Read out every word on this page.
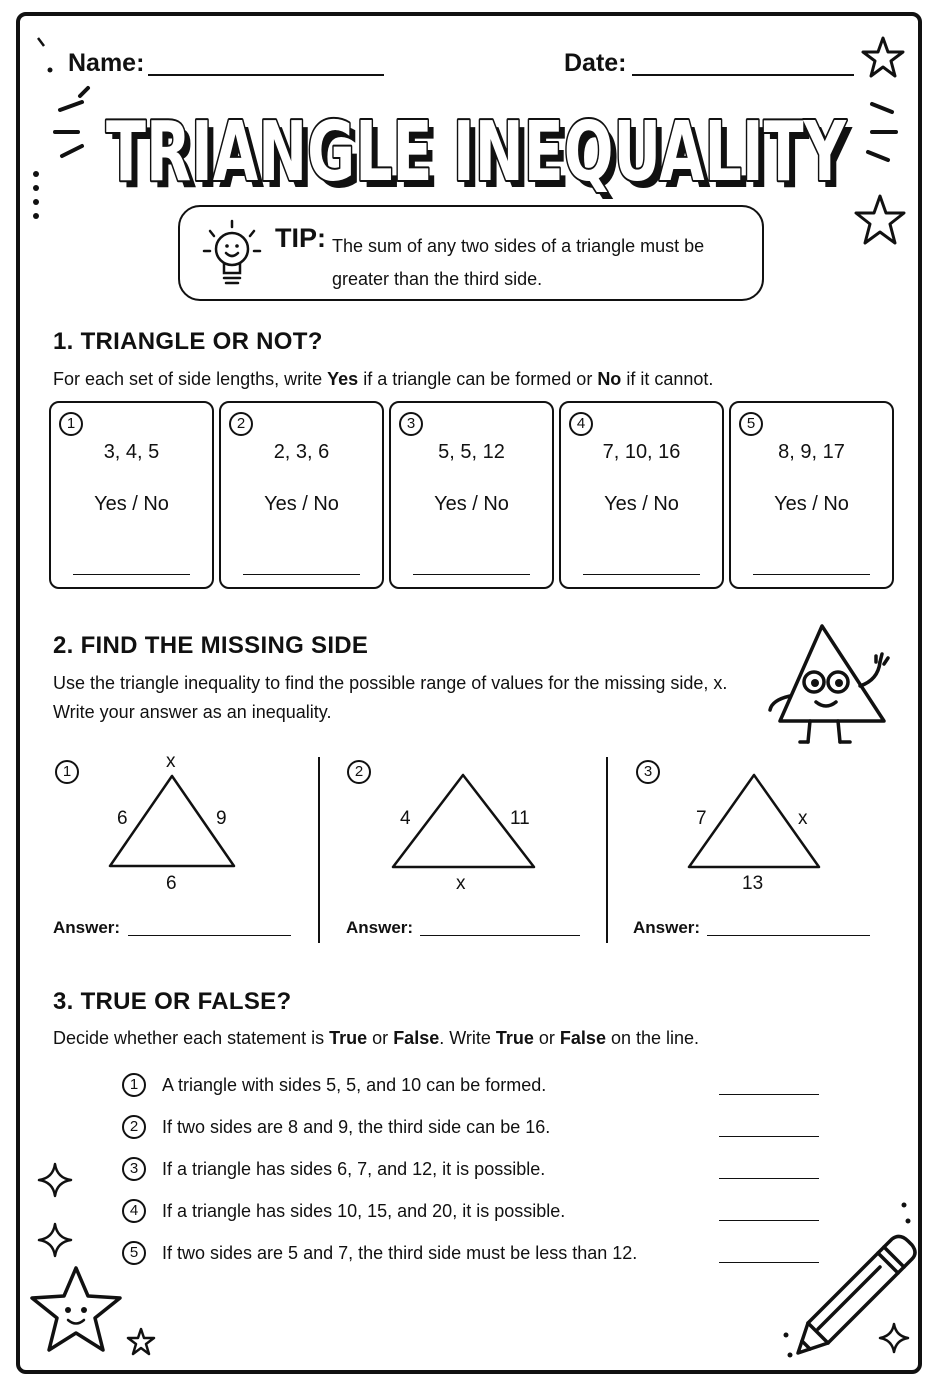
Name:	Date:
TRIANGLE INEQUALITY
TRIANGLE INEQUALITY
TIP: The sum of any two sides of a triangle must be greater than the third side.
1. TRIANGLE OR NOT?
For each set of side lengths, write Yes if a triangle can be formed or No if it cannot.
1
3, 4, 5
Yes / No
2
2, 3, 6
Yes / No
3
5, 5, 12
Yes / No
4
7, 10, 16
Yes / No
5
8, 9, 17
Yes / No
2. FIND THE MISSING SIDE
Use the triangle inequality to find the possible range of values for the missing side, x.
Write your answer as an inequality.
1	x
6	9
6
Answer:
2
4	11
x
Answer:
3
7	x
13
Answer:
3. TRUE OR FALSE?
Decide whether each statement is True or False. Write True or False on the line.
1	A triangle with sides 5, 5, and 10 can be formed.
2	If two sides are 8 and 9, the third side can be 16.
3	If a triangle has sides 6, 7, and 12, it is possible.
4	If a triangle has sides 10, 15, and 20, it is possible.
5	If two sides are 5 and 7, the third side must be less than 12.
